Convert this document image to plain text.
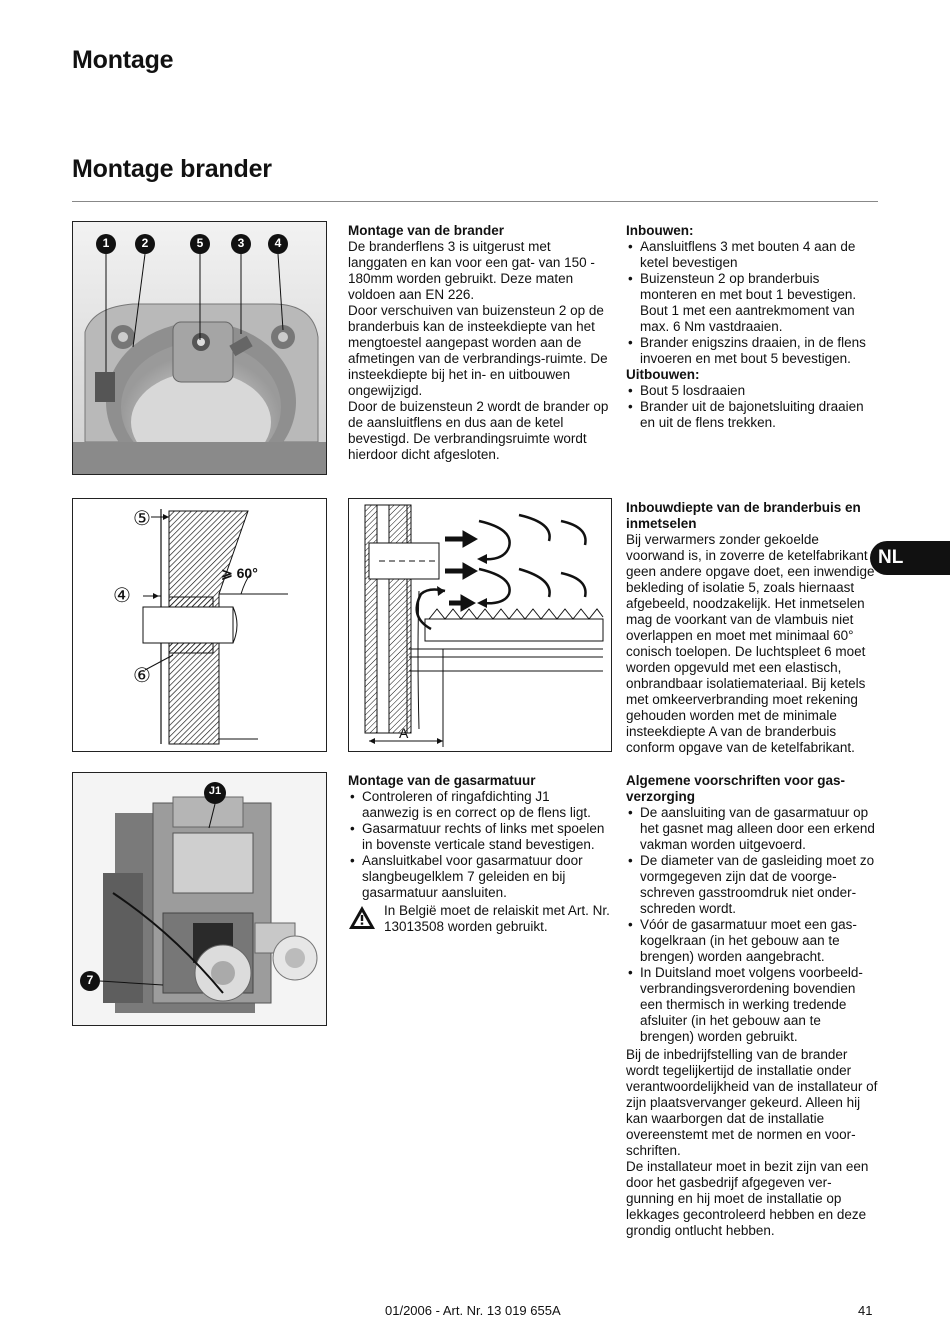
Montage
Montage brander
1	2	5	3	4

Montage van de brander

De branderflens 3 is uitgerust met langgaten en kan voor een gat- van 150 - 180mm worden gebruikt. Deze maten voldoen aan EN 226.

Door verschuiven van buizensteun 2 op de branderbuis kan de insteekdiepte van het mengtoestel aangepast worden aan de afmetingen van de verbrandings-ruimte. De insteekdiepte bij het in- en uitbouwen ongewijzigd.

Door de buizensteun 2 wordt de brander op de aansluitflens en dus aan de ketel bevestigd. De verbrandingsruimte wordt hierdoor dicht afgesloten.

Inbouwen:

• Aansluitflens 3 met bouten 4 aan de ketel bevestigen
• Buizensteun 2 op branderbuis monteren en met bout 1 bevestigen. Bout 1 met een aantrekmoment van max. 6 Nm vastdraaien.
• Brander enigszins draaien, in de flens invoeren en met bout 5 bevestigen.

Uitbouwen:

• Bout 5 losdraaien
• Brander uit de bajonetsluiting draaien en uit de flens trekken.
⑤
④
⑥
⩾ 60°
A

Inbouwdiepte van de branderbuis en inmetselen

Bij verwarmers zonder gekoelde voorwand is, in zoverre de ketelfabrikant geen andere opgave doet, een inwendige bekleding of isolatie 5, zoals hiernaast afgebeeld, noodzakelijk. Het inmetselen mag de voorkant van de vlambuis niet overlappen en moet met minimaal 60° conisch toelopen. De luchtspleet 6 moet worden opgevuld met een elastisch, onbrandbaar isolatiemateriaal. Bij ketels met omkeerverbranding moet rekening gehouden worden met de minimale insteekdiepte A van de branderbuis conform opgave van de ketelfabrikant.

NL
J1
7

Montage van de gasarmatuur

• Controleren of ringafdichting J1 aanwezig is en correct op de flens ligt.
• Gasarmatuur rechts of links met spoelen in bovenste verticale stand bevestigen.
• Aansluitkabel voor gasarmatuur door slangbeugelklem 7 geleiden en bij gasarmatuur aansluiten.

In België moet de relaiskit met Art. Nr. 13013508 worden gebruikt.

Algemene voorschriften voor gas-verzorging

• De aansluiting van de gasarmatuur op het gasnet mag alleen door een erkend vakman worden uitgevoerd.
• De diameter van de gasleiding moet zo vormgegeven zijn dat de voorge-schreven gasstroomdruk niet onder-schreden wordt.
• Vóór de gasarmatuur moet een gas-kogelkraan (in het gebouw aan te brengen) worden aangebracht.
• In Duitsland moet volgens voorbeeld-verbrandingsverordening bovendien een thermisch in werking tredende afsluiter (in het gebouw aan te brengen) worden gebruikt.

Bij de inbedrijfstelling van de brander wordt tegelijkertijd de installatie onder verantwoordelijkheid van de installateur of zijn plaatsvervanger gekeurd. Alleen hij kan waarborgen dat de installatie overeenstemt met de normen en voor-schriften.

De installateur moet in bezit zijn van een door het gasbedrijf afgegeven ver-gunning en hij moet de installatie op lekkages gecontroleerd hebben en deze grondig ontlucht hebben.

01/2006 - Art. Nr. 13 019 655A	41
